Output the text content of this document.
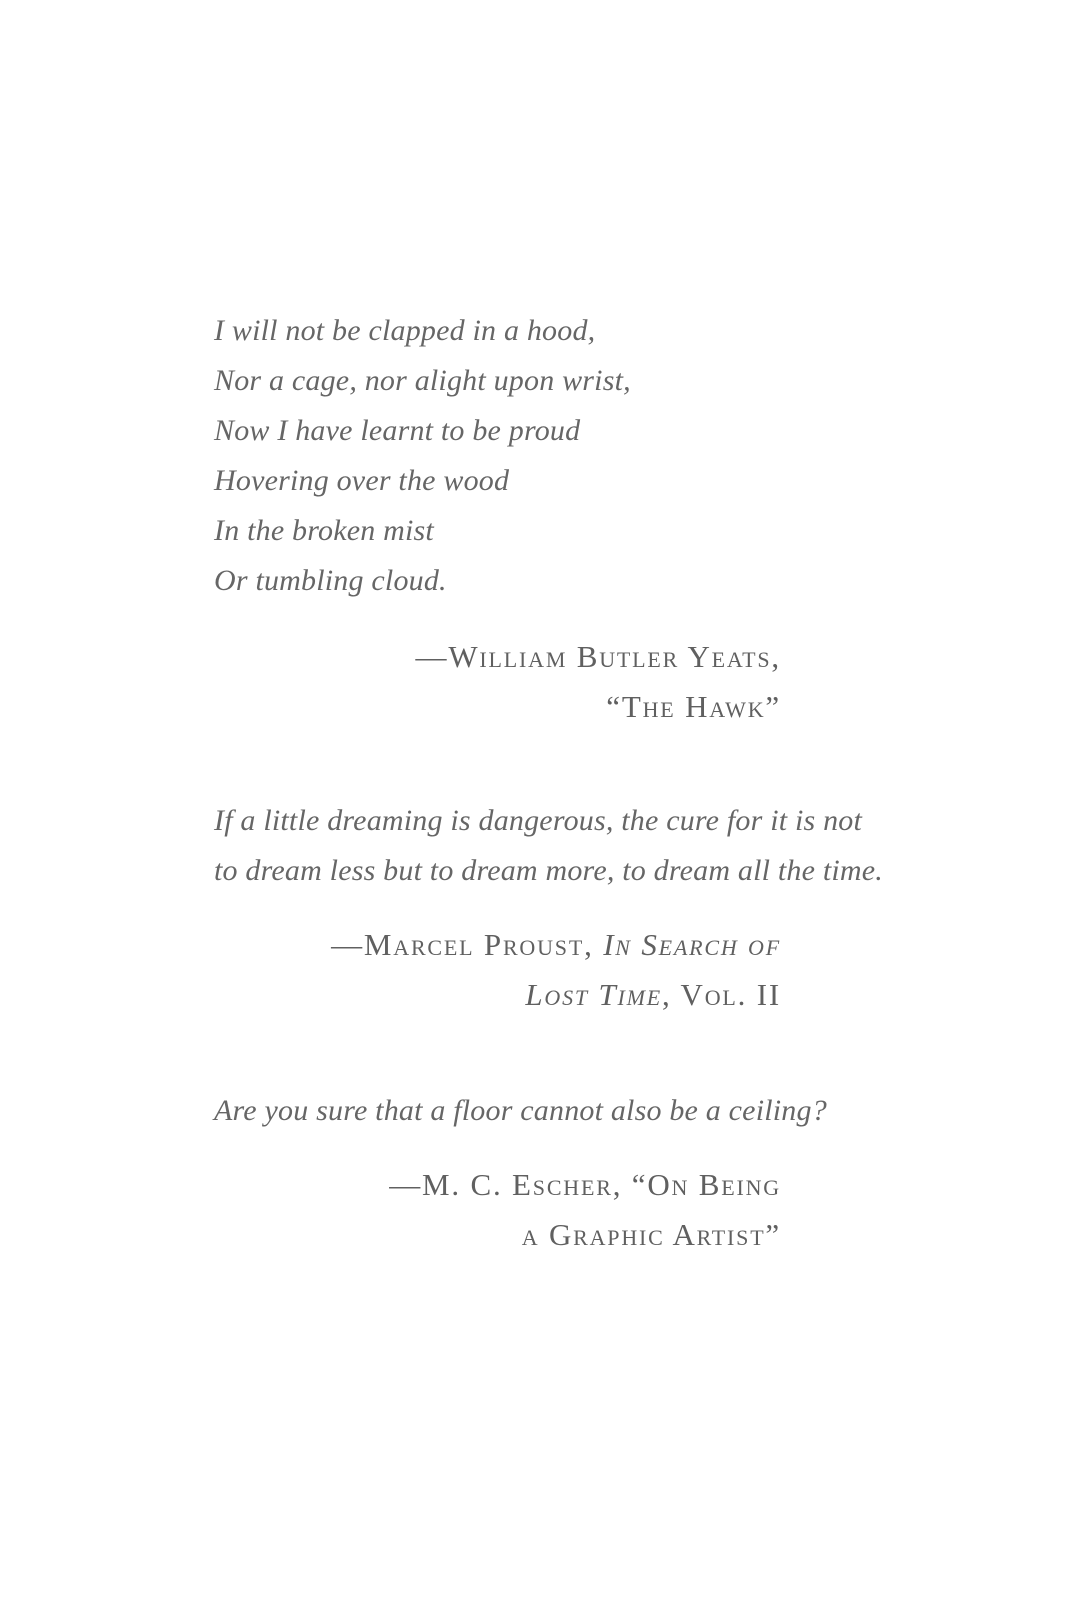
I will not be clapped in a hood,
Nor a cage, nor alight upon wrist,
Now I have learnt to be proud
Hovering over the wood
In the broken mist
Or tumbling cloud.
—William Butler Yeats,
“The Hawk”
If a little dreaming is dangerous, the cure for it is not
to dream less but to dream more, to dream all the time.
—Marcel Proust, In Search of
Lost Time, Vol. II
Are you sure that a floor cannot also be a ceiling?
—M. C. Escher, “On Being
a Graphic Artist”
